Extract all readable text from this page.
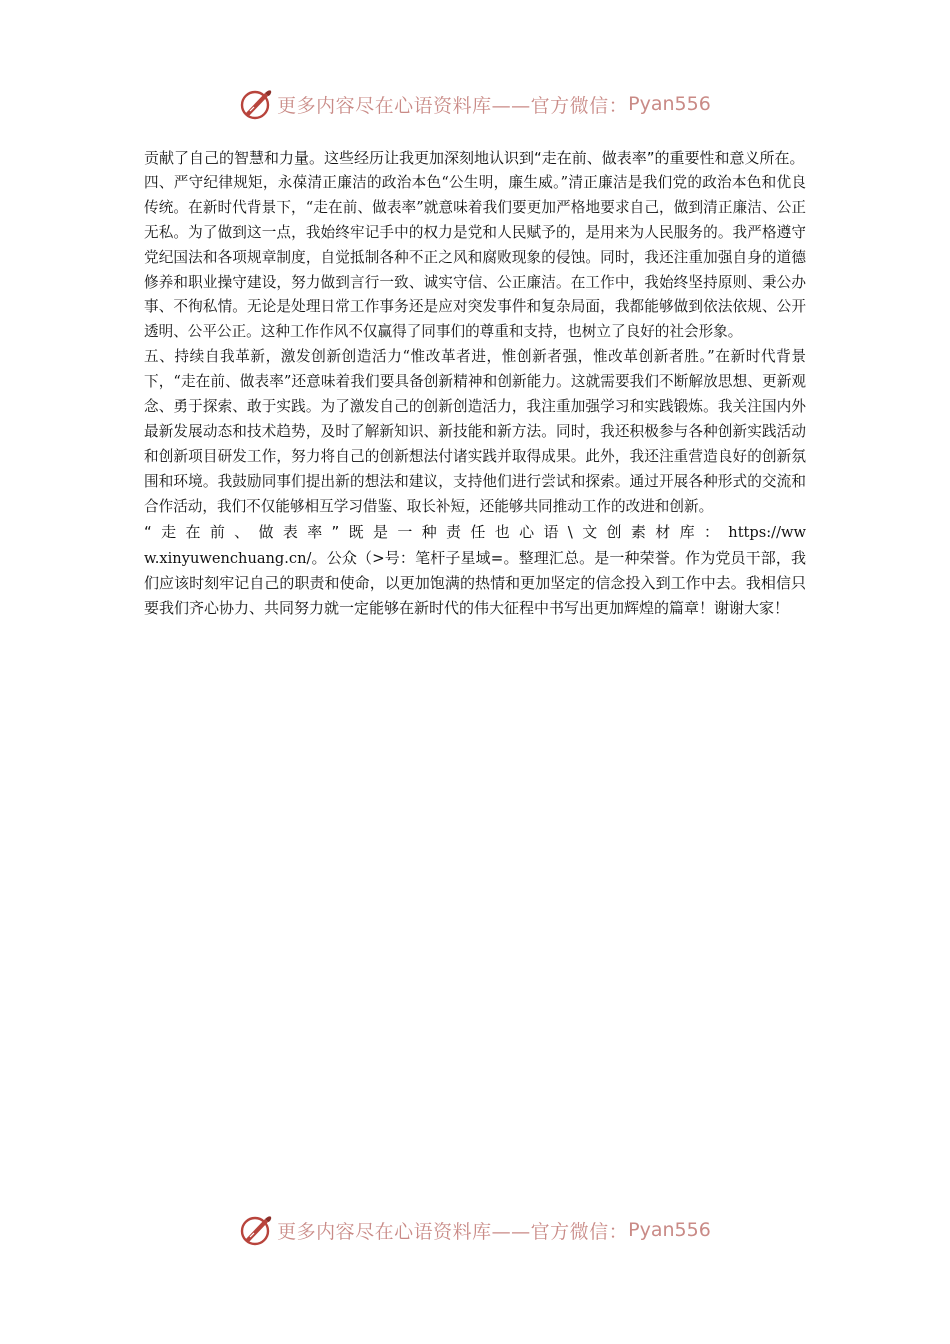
更多内容尽在心语资料库——官方微信： Pyan556

贡献了自己的智慧和力量。这些经历让我更加深刻地认识到“走在前、做表率”的重要性和意义所在。

四、严守纪律规矩，永葆清正廉洁的政治本色“公生明，廉生威。”清正廉洁是我们党的政治本色和优良传统。在新时代背景下，“走在前、做表率”就意味着我们要更加严格地要求自己，做到清正廉洁、公正无私。为了做到这一点，我始终牢记手中的权力是党和人民赋予的，是用来为人民服务的。我严格遵守党纪国法和各项规章制度，自觉抵制各种不正之风和腐败现象的侵蚀。同时，我还注重加强自身的道德修养和职业操守建设，努力做到言行一致、诚实守信、公正廉洁。在工作中，我始终坚持原则、秉公办事、不徇私情。无论是处理日常工作事务还是应对突发事件和复杂局面，我都能够做到依法依规、公开透明、公平公正。这种工作作风不仅赢得了同事们的尊重和支持，也树立了良好的社会形象。

五、持续自我革新，激发创新创造活力“惟改革者进，惟创新者强，惟改革创新者胜。”在新时代背景下，“走在前、做表率”还意味着我们要具备创新精神和创新能力。这就需要我们不断解放思想、更新观念、勇于探索、敢于实践。为了激发自己的创新创造活力，我注重加强学习和实践锻炼。我关注国内外最新发展动态和技术趋势，及时了解新知识、新技能和新方法。同时，我还积极参与各种创新实践活动和创新项目研发工作，努力将自己的创新想法付诸实践并取得成果。此外，我还注重营造良好的创新氛围和环境。我鼓励同事们提出新的想法和建议，支持他们进行尝试和探索。通过开展各种形式的交流和合作活动，我们不仅能够相互学习借鉴、取长补短，还能够共同推动工作的改进和创新。

“走在前、做表率”既是一种责任也心语\文创素材库：https://www.xinyuwenchuang.cn/。公众（>号：笔杆子星域=。整理汇总。是一种荣誉。作为党员干部，我们应该时刻牢记自己的职责和使命，以更加饱满的热情和更加坚定的信念投入到工作中去。我相信只要我们齐心协力、共同努力就一定能够在新时代的伟大征程中书写出更加辉煌的篇章！谢谢大家！

更多内容尽在心语资料库——官方微信： Pyan556
